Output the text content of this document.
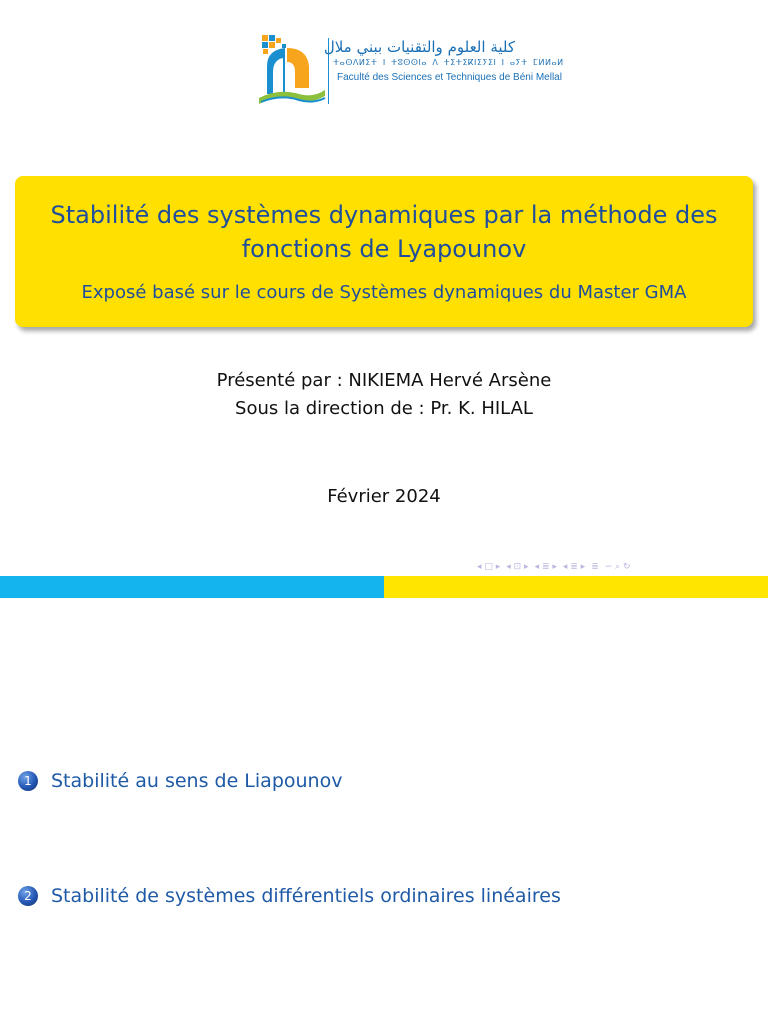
كلية العلوم والتقنيات ببني ملال
ⵜⴰⵙⴷⵍⵉⵜ ⵏ ⵜⵓⵙⵙⵏⴰ ⴷ ⵜⵉⵜⵉⴽⵏⵉⵢⵉⵏ ⵏ ⴰⵢⵜ ⵎⵍⵍⴰⵍ
Faculté des Sciences et Techniques de Béni Mellal
Stabilité des systèmes dynamiques par la méthode des fonctions de Lyapounov
Exposé basé sur le cours de Systèmes dynamiques du Master GMA
Présenté par : NIKIEMA Hervé Arsène
Sous la direction de : Pr. K. HILAL
Février 2024
◂ □ ▸ ◂ ⊡ ▸ ◂ ≣ ▸ ◂ ≣ ▸ ≣ ∽ ⌕ ↻
1	Stabilité au sens de Liapounov
2	Stabilité de systèmes différentiels ordinaires linéaires
